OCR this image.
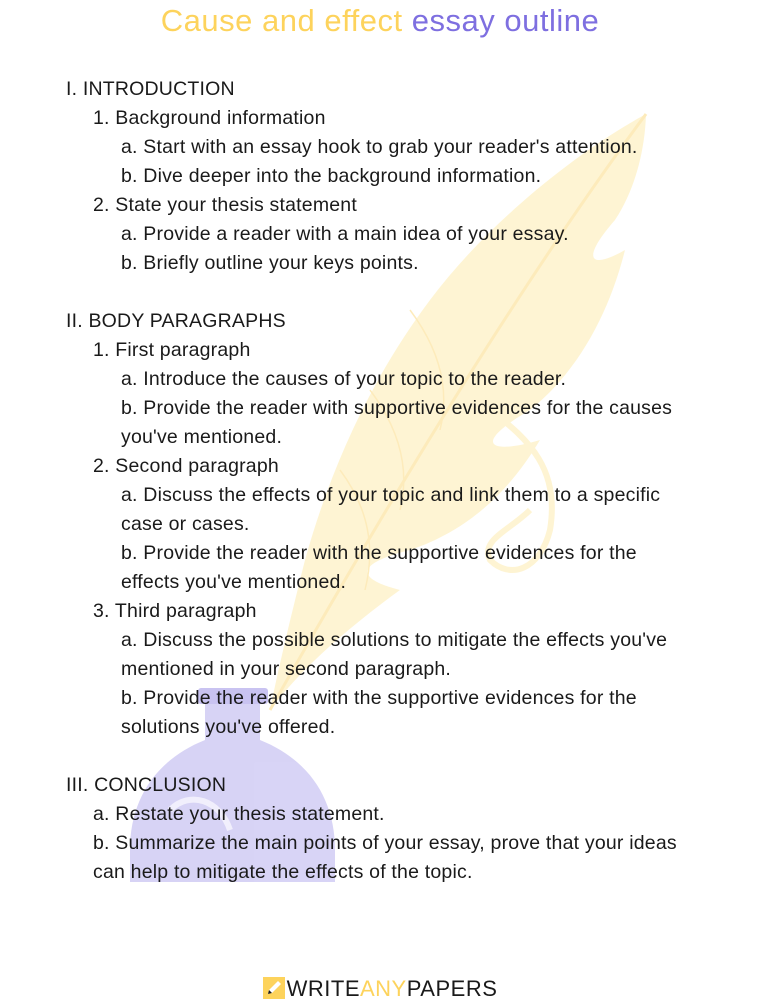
Cause and effect essay outline
I. INTRODUCTION
1. Background information
a. Start with an essay hook to grab your reader's attention.
b. Dive deeper into the background information.
2. State your thesis statement
a. Provide a reader with a main idea of your essay.
b. Briefly outline your keys points.
II. BODY PARAGRAPHS
1. First paragraph
a. Introduce the causes of your topic to the reader.
b. Provide the reader with supportive evidences for the causes
you've mentioned.
2. Second paragraph
a. Discuss the effects of your topic and link them to a specific
case or cases.
b. Provide the reader with the supportive evidences for the
effects you've mentioned.
3. Third paragraph
a. Discuss the possible solutions to mitigate the effects you've
mentioned in your second paragraph.
b. Provide the reader with the supportive evidences for the
solutions you've offered.
III. CONCLUSION
a. Restate your thesis statement.
b. Summarize the main points of your essay, prove that your ideas
can help to mitigate the effects of the topic.
WRITEANYPAPERS
